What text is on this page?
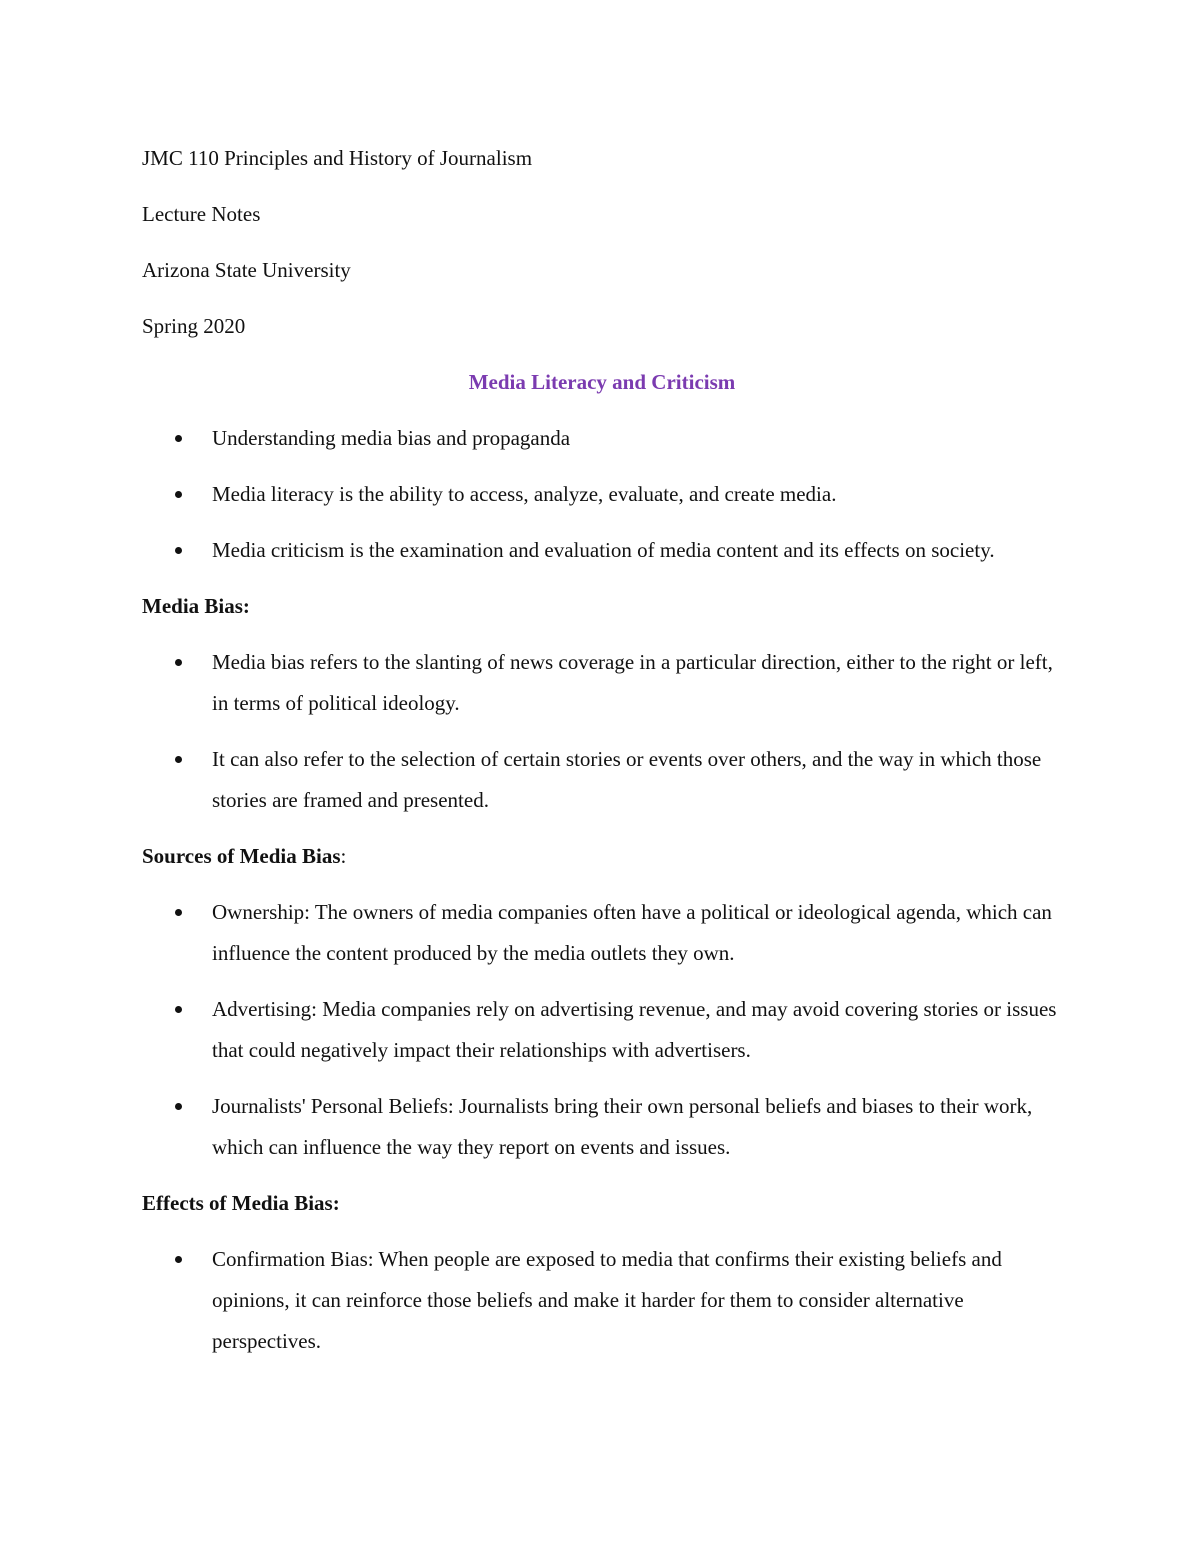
JMC 110 Principles and History of Journalism

Lecture Notes

Arizona State University

Spring 2020

Media Literacy and Criticism
Understanding media bias and propaganda
Media literacy is the ability to access, analyze, evaluate, and create media.
Media criticism is the examination and evaluation of media content and its effects on society.

Media Bias:

Media bias refers to the slanting of news coverage in a particular direction, either to the right or left, in terms of political ideology.
It can also refer to the selection of certain stories or events over others, and the way in which those stories are framed and presented.

Sources of Media Bias:

Ownership: The owners of media companies often have a political or ideological agenda, which can influence the content produced by the media outlets they own.
Advertising: Media companies rely on advertising revenue, and may avoid covering stories or issues that could negatively impact their relationships with advertisers.
Journalists' Personal Beliefs: Journalists bring their own personal beliefs and biases to their work, which can influence the way they report on events and issues.

Effects of Media Bias:

Confirmation Bias: When people are exposed to media that confirms their existing beliefs and opinions, it can reinforce those beliefs and make it harder for them to consider alternative perspectives.
